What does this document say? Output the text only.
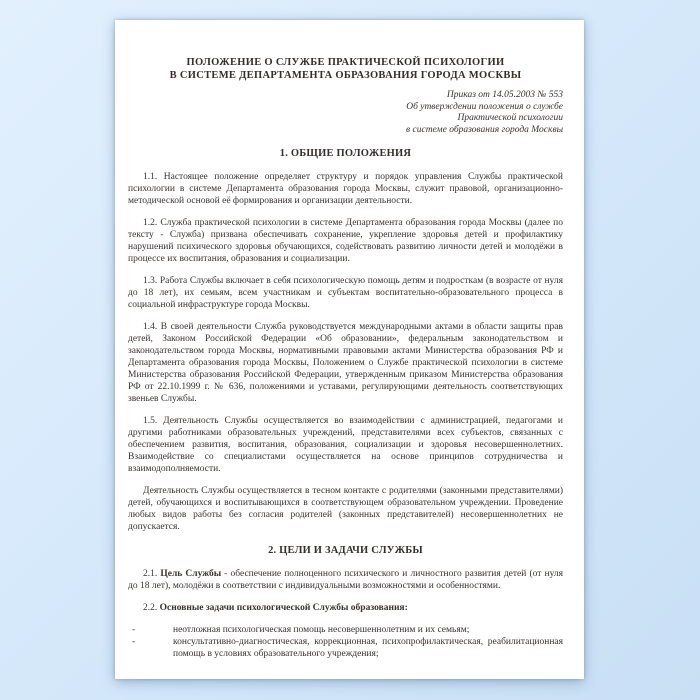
ПОЛОЖЕНИЕ О СЛУЖБЕ ПРАКТИЧЕСКОЙ ПСИХОЛОГИИ
В СИСТЕМЕ ДЕПАРТАМЕНТА ОБРАЗОВАНИЯ ГОРОДА МОСКВЫ
Приказ от 14.05.2003 № 553
Об утверждении положения о службе
Практической психологии
в системе образования города Москвы
1. ОБЩИЕ ПОЛОЖЕНИЯ

1.1. Настоящее положение определяет структуру и порядок управления Службы практической психологии в системе Департамента образования города Москвы, служит правовой, организационно-методической основой её формирования и организации деятельности.

1.2. Служба практической психологии в системе Департамента образования города Москвы (далее по тексту - Служба) призвана обеспечивать сохранение, укрепление здоровья детей и профилактику нарушений психического здоровья обучающихся, содействовать развитию личности детей и молодёжи в процессе их воспитания, образования и социализации.

1.3. Работа Службы включает в себя психологическую помощь детям и подросткам (в возрасте от нуля до 18 лет), их семьям, всем участникам и субъектам воспитательно-образовательного процесса в социальной инфраструктуре города Москвы.

1.4. В своей деятельности Служба руководствуется международными актами в области защиты прав детей, Законом Российской Федерации «Об образовании», федеральным законодательством и законодательством города Москвы, нормативными правовыми актами Министерства образования РФ и Департамента образования города Москвы, Положением о Службе практической психологии в системе Министерства образования Российской Федерации, утвержденным приказом Министерства образования РФ от 22.10.1999 г. № 636, положениями и уставами, регулирующими деятельность соответствующих звеньев Службы.

1.5. Деятельность Службы осуществляется во взаимодействии с администрацией, педагогами и другими работниками образовательных учреждений, представителями всех субъектов, связанных с обеспечением развития, воспитания, образования, социализации и здоровья несовершеннолетних. Взаимодействие со специалистами осуществляется на основе принципов сотрудничества и взаимодополняемости.

Деятельность Службы осуществляется в тесном контакте с родителями (законными представителями) детей, обучающихся и воспитывающихся в соответствующем образовательном учреждении. Проведение любых видов работы без согласия родителей (законных представителей) несовершеннолетних не допускается.

2. ЦЕЛИ И ЗАДАЧИ СЛУЖБЫ

2.1. Цель Службы - обеспечение полноценного психического и личностного развития детей (от нуля до 18 лет), молодёжи в соответствии с индивидуальными возможностями и особенностями.

2.2. Основные задачи психологической Службы образования:

-	неотложная психологическая помощь несовершеннолетним и их семьям;
-	консультативно-диагностическая, коррекционная, психопрофилактическая, реабилитационная помощь в условиях образовательного учреждения;
